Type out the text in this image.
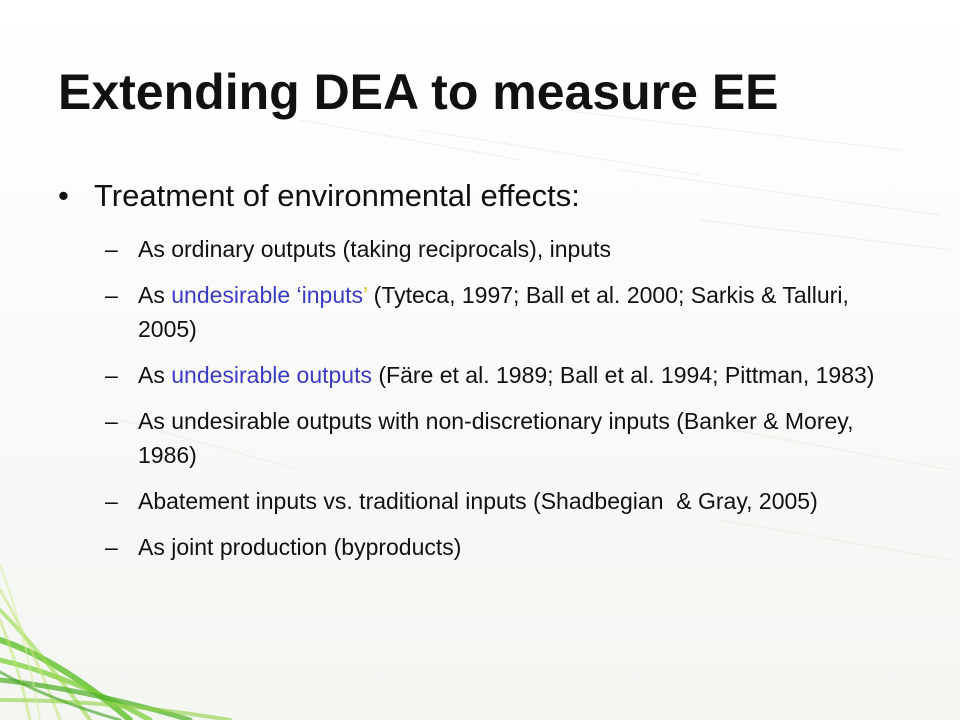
Extending DEA to measure EE
• Treatment of environmental effects:
– As ordinary outputs (taking reciprocals), inputs
– As undesirable ‘inputs’ (Tyteca, 1997; Ball et al. 2000; Sarkis & Talluri, 2005)
– As undesirable outputs (Färe et al. 1989; Ball et al. 1994; Pittman, 1983)
– As undesirable outputs with non-discretionary inputs (Banker & Morey, 1986)
– Abatement inputs vs. traditional inputs (Shadbegian  & Gray, 2005)
– As joint production (byproducts)
